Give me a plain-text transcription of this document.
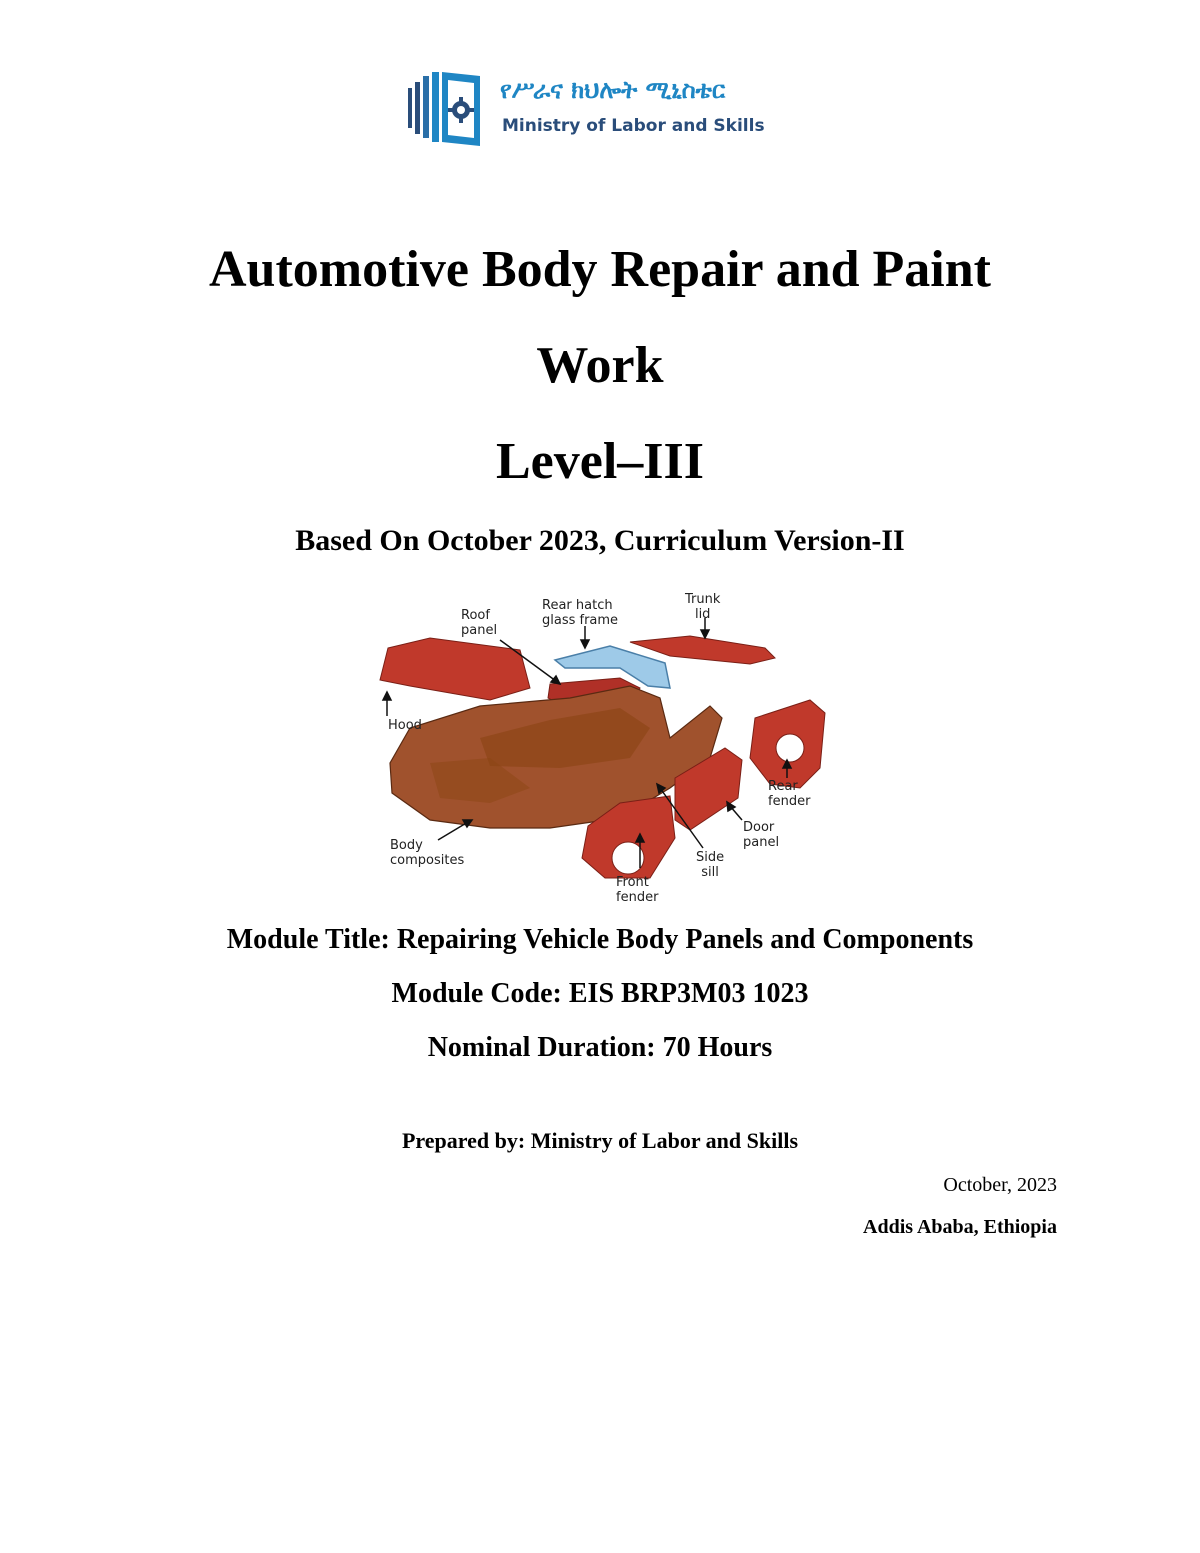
የሥራና ክህሎት ሚኒስቴር
Ministry of Labor and Skills
Automotive Body Repair and Paint
Work
Level–III
Based On October 2023, Curriculum Version-II
Roof
panel
Rear hatch
glass frame
Trunk
lid
Hood
Rear
fender
Door
panel
Body
composites	Side
sill
Front
fender
Module Title: Repairing Vehicle Body Panels and Components
Module Code: EIS BRP3M03 1023
Nominal Duration: 70 Hours
Prepared by: Ministry of Labor and Skills
October, 2023
Addis Ababa, Ethiopia
